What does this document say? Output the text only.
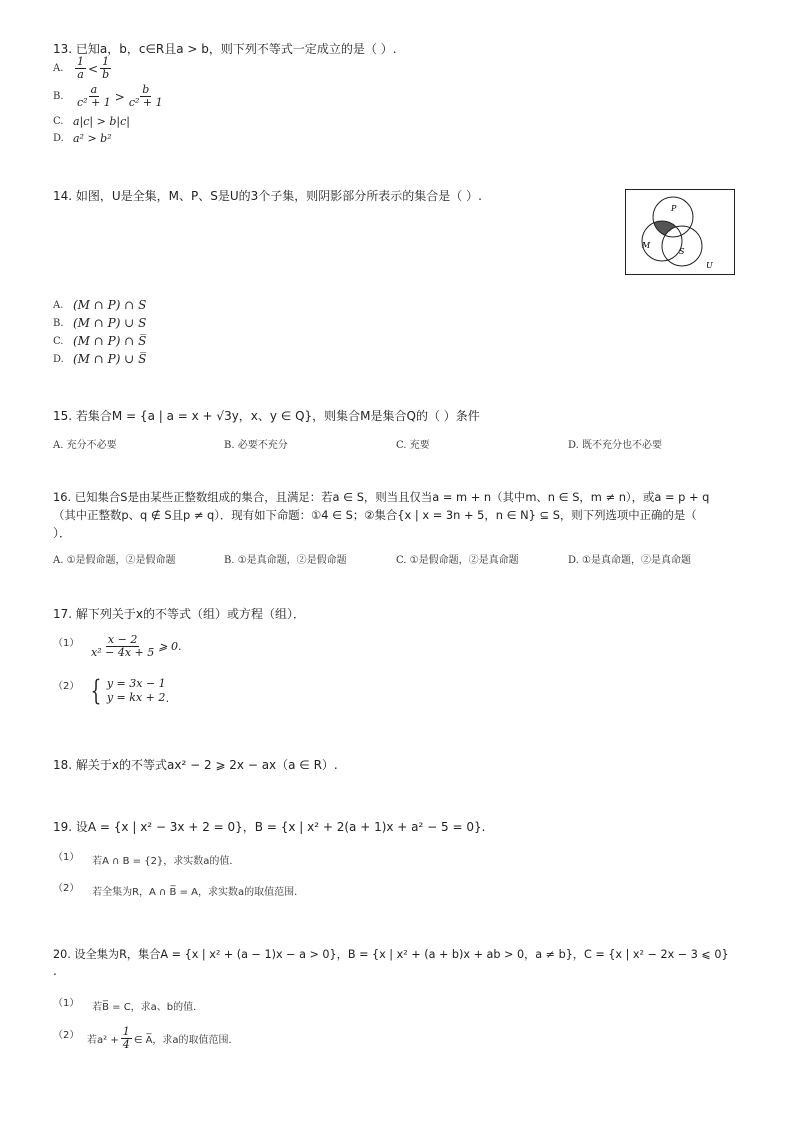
13. 已知a，b，c∈R且a > b，则下列不等式一定成立的是（ ）.
A.	$\frac{1}{a} < \frac{1}{b}$
B.	$\frac{a}{\text{c² + 1}} > \frac{b}{\text{c² + 1}}$
C. a|c| > b|c|
D. a² > b²
14. 如图，U是全集，M、P、S是U的3个子集，则阴影部分所表示的集合是（ ）.
P
M
S
U
A. (M ∩ P) ∩ S
B. (M ∩ P) ∪ S
C. (M ∩ P) ∩ S̅
D. (M ∩ P) ∪ S̅
15. 若集合M = {a | a = x + √3y，x、y ∈ Q}，则集合M是集合Q的（ ）条件
A. 充分不必要	B. 必要不充分	C. 充要	D. 既不充分也不必要
16. 已知集合S是由某些正整数组成的集合，且满足：若a ∈ S，则当且仅当a = m + n（其中m、n ∈ S，m ≠ n），或a = p + q
（其中正整数p、q ∉ S且p ≠ q）．现有如下命题：①4 ∈ S；②集合{x | x = 3n + 5，n ∈ N} ⊆ S，则下列选项中正确的是（
）．
A. ①是假命题，②是假命题	B. ①是真命题，②是假命题	C. ①是假命题，②是真命题	D. ①是真命题，②是真命题
17. 解下列关于x的不等式（组）或方程（组）．
$(1) \frac{x - 2}{\text{x² − 4x + 5}}$ ⩾ 0.
（2） { y = 3x − 1
y = kx + 2 .
18. 解关于x的不等式ax² − 2 ⩾ 2x − ax（a ∈ R）.
19. 设A = {x | x² − 3x + 2 = 0}，B = {x | x² + 2(a + 1)x + a² − 5 = 0}.
（1） 若A ∩ B = {2}，求实数a的值．
（2） 若全集为R，A ∩ B̅ = A，求实数a的取值范围．
20. 设全集为R，集合A = {x | x² + (a − 1)x − a > 0}，B = {x | x² + (a + b)x + ab > 0，a ≠ b}，C = {x | x² − 2x − 3 ⩽ 0}
.
（1） 若B̅ = C，求a、b的值．
（2） 若$a^2 + \frac{1}{4}$ ∈ A̅，求a的取值范围．
